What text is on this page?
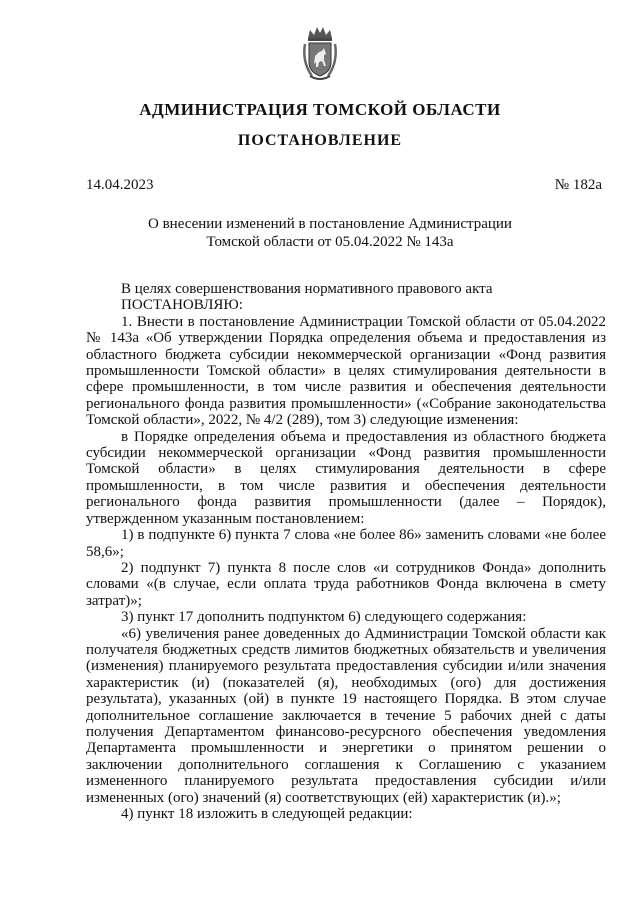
АДМИНИСТРАЦИЯ ТОМСКОЙ ОБЛАСТИ
ПОСТАНОВЛЕНИЕ
14.04.2023	№ 182а
О внесении изменений в постановление Администрации
Томской области от 05.04.2022 № 143а

В целях совершенствования нормативного правового акта

ПОСТАНОВЛЯЮ:

1. Внести в постановление Администрации Томской области от 05.04.2022 № 143а «Об утверждении Порядка определения объема и предоставления из областного бюджета субсидии некоммерческой организации «Фонд развития промышленности Томской области» в целях стимулирования деятельности в сфере промышленности, в том числе развития и обеспечения деятельности регионального фонда развития промышленности» («Собрание законодательства Томской области», 2022, № 4/2 (289), том 3) следующие изменения:

в Порядке определения объема и предоставления из областного бюджета субсидии некоммерческой организации «Фонд развития промышленности Томской области» в целях стимулирования деятельности в сфере промышленности, в том числе развития и обеспечения деятельности регионального фонда развития промышленности (далее – Порядок), утвержденном указанным постановлением:

1) в подпункте 6) пункта 7 слова «не более 86» заменить словами «не более 58,6»;

2) подпункт 7) пункта 8 после слов «и сотрудников Фонда» дополнить словами «(в случае, если оплата труда работников Фонда включена в смету затрат)»;

3) пункт 17 дополнить подпунктом 6) следующего содержания:

«6) увеличения ранее доведенных до Администрации Томской области как получателя бюджетных средств лимитов бюджетных обязательств и увеличения (изменения) планируемого результата предоставления субсидии и/или значения характеристик (и) (показателей (я), необходимых (ого) для достижения результата), указанных (ой) в пункте 19 настоящего Порядка. В этом случае дополнительное соглашение заключается в течение 5 рабочих дней с даты получения Департаментом финансово-ресурсного обеспечения уведомления Департамента промышленности и энергетики о принятом решении о заключении дополнительного соглашения к Соглашению с указанием измененного планируемого результата предоставления субсидии и/или измененных (ого) значений (я) соответствующих (ей) характеристик (и).»;

4) пункт 18 изложить в следующей редакции:
